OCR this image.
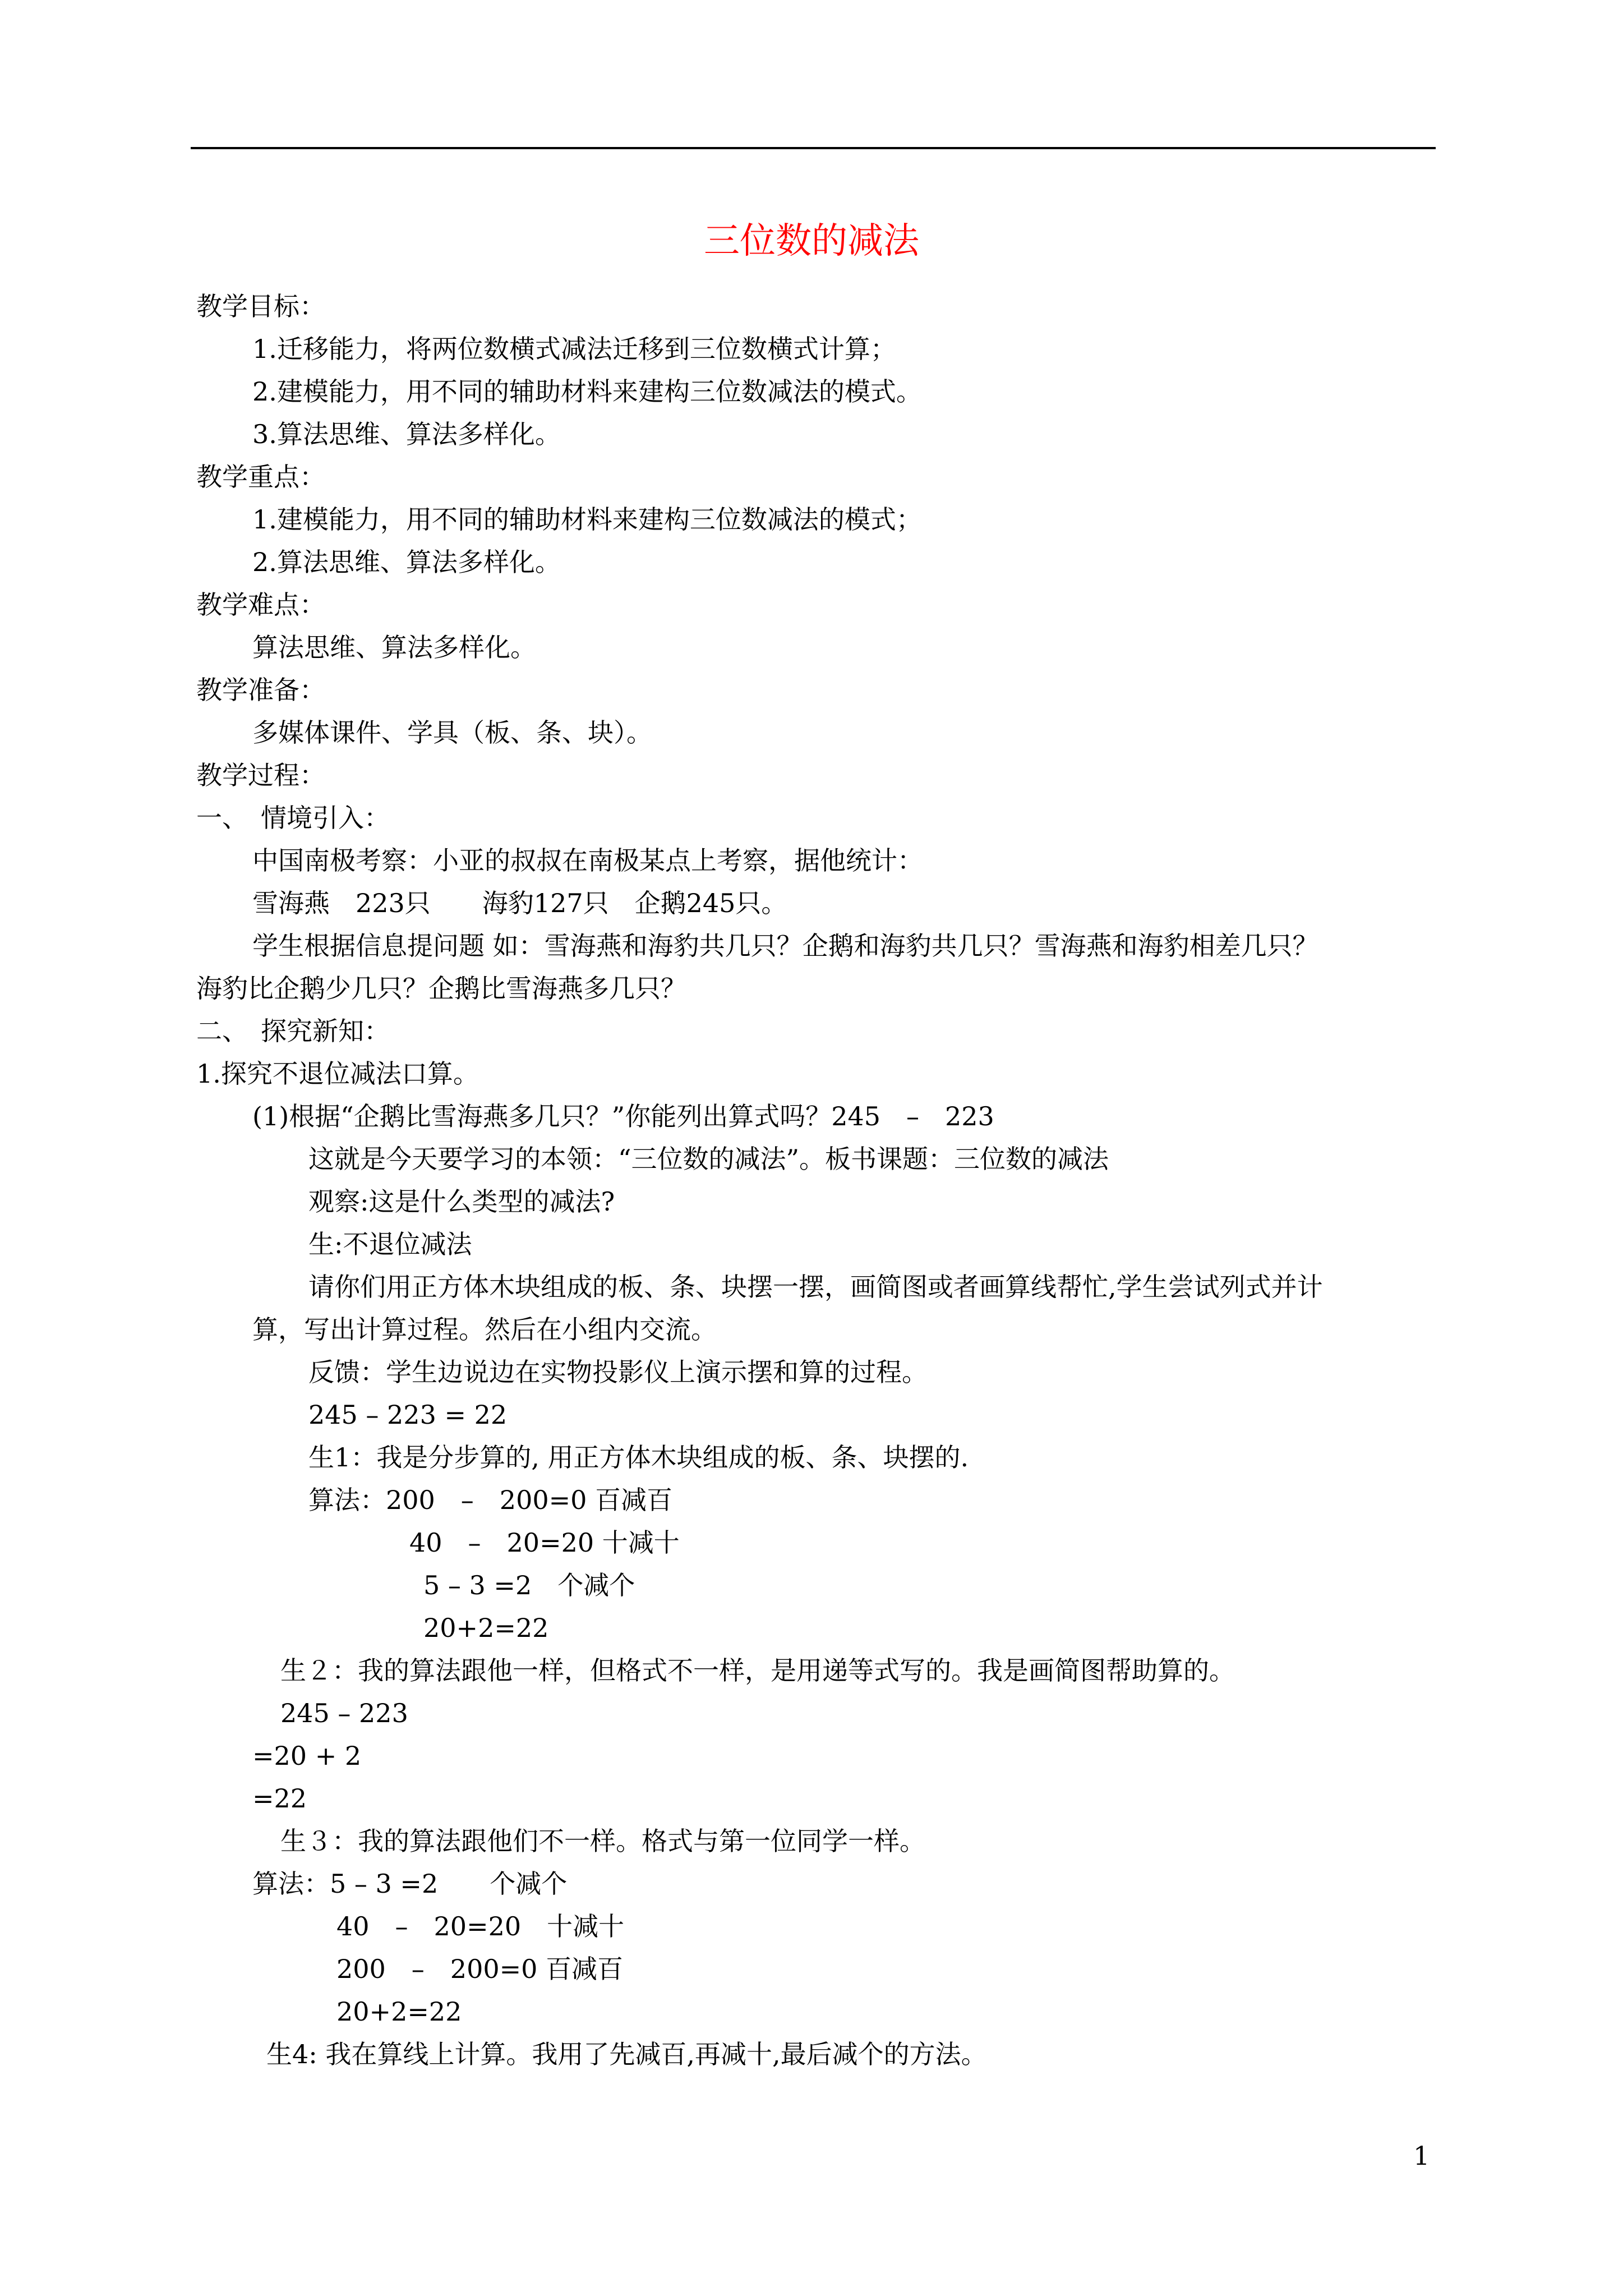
三位数的减法

教学目标：

1.迁移能力，将两位数横式减法迁移到三位数横式计算；

2.建模能力，用不同的辅助材料来建构三位数减法的模式。

3.算法思维、算法多样化。

教学重点：

1.建模能力，用不同的辅助材料来建构三位数减法的模式；

2.算法思维、算法多样化。

教学难点：

算法思维、算法多样化。

教学准备：

多媒体课件、学具（板、条、块）。

教学过程：

一、　情境引入：

中国南极考察：小亚的叔叔在南极某点上考察，据他统计：

雪海燕　223只　　海豹127只　企鹅245只。

学生根据信息提问题 如：雪海燕和海豹共几只？企鹅和海豹共几只？雪海燕和海豹相差几只？

海豹比企鹅少几只？企鹅比雪海燕多几只？

二、　探究新知：

1.探究不退位减法口算。

(1)根据“企鹅比雪海燕多几只？”你能列出算式吗？245　–　223

这就是今天要学习的本领：“三位数的减法”。板书课题：三位数的减法

观察:这是什么类型的减法?

生:不退位减法

请你们用正方体木块组成的板、条、块摆一摆，画简图或者画算线帮忙,学生尝试列式并计

算，写出计算过程。然后在小组内交流。

反馈：学生边说边在实物投影仪上演示摆和算的过程。

245 – 223 = 22

生1：我是分步算的, 用正方体木块组成的板、条、块摆的.

算法：200　–　200=0 百减百

40　–　20=20 十减十

5 – 3 =2　个减个

20+2=22

生２：我的算法跟他一样，但格式不一样，是用递等式写的。我是画简图帮助算的。

245 – 223

=20 + 2

=22

生３：我的算法跟他们不一样。格式与第一位同学一样。

算法：5 – 3 =2　　个减个

40　–　20=20　十减十

200　–　200=0 百减百

20+2=22

生4: 我在算线上计算。我用了先减百,再减十,最后减个的方法。

1
